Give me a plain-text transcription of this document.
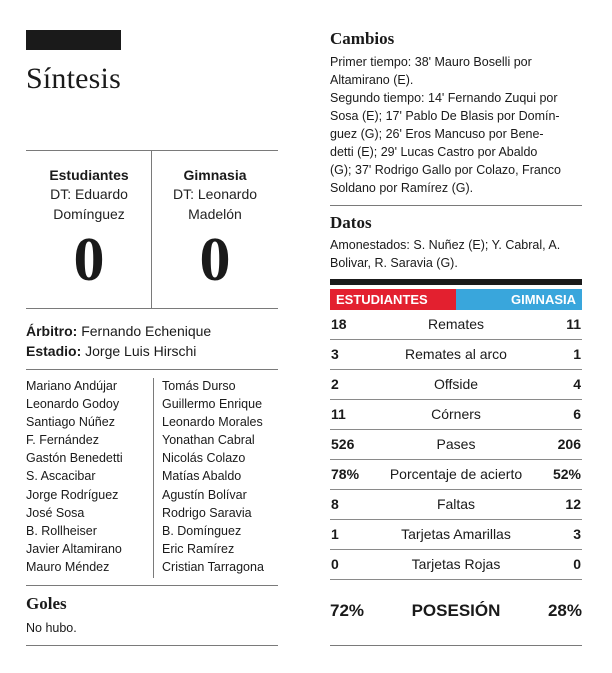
Síntesis
Estudiantes
DT: Eduardo
Domínguez
0
Gimnasia
DT: Leonardo
Madelón
0
Árbitro: Fernando Echenique
Estadio: Jorge Luis Hirschi
Mariano Andújar
Leonardo Godoy
Santiago Núñez
F. Fernández
Gastón Benedetti
S. Ascacibar
Jorge Rodríguez
José Sosa
B. Rollheiser
Javier Altamirano
Mauro Méndez
Tomás Durso
Guillermo Enrique
Leonardo Morales
Yonathan Cabral
Nicolás Colazo
Matías Abaldo
Agustín Bolívar
Rodrigo Saravia
B. Domínguez
Eric Ramírez
Cristian Tarragona
Goles
No hubo.
Cambios
Primer tiempo: 38' Mauro Boselli por
Altamirano (E).
Segundo tiempo: 14' Fernando Zuqui por
Sosa (E); 17' Pablo De Blasis por Domín-
guez (G); 26' Eros Mancuso por Bene-
detti (E); 29' Lucas Castro por Abaldo
(G); 37' Rodrigo Gallo por Colazo, Franco
Soldano por Ramírez (G).
Datos
Amonestados: S. Nuñez (E); Y. Cabral, A.
Bolivar, R. Saravia (G).
ESTUDIANTES	GIMNASIA
18	Remates	11
3	Remates al arco	1
2	Offside	4
11	Córners	6
526	Pases	206
78%	Porcentaje de acierto	52%
8	Faltas	12
1	Tarjetas Amarillas	3
0	Tarjetas Rojas	0
72%	POSESIÓN	28%
